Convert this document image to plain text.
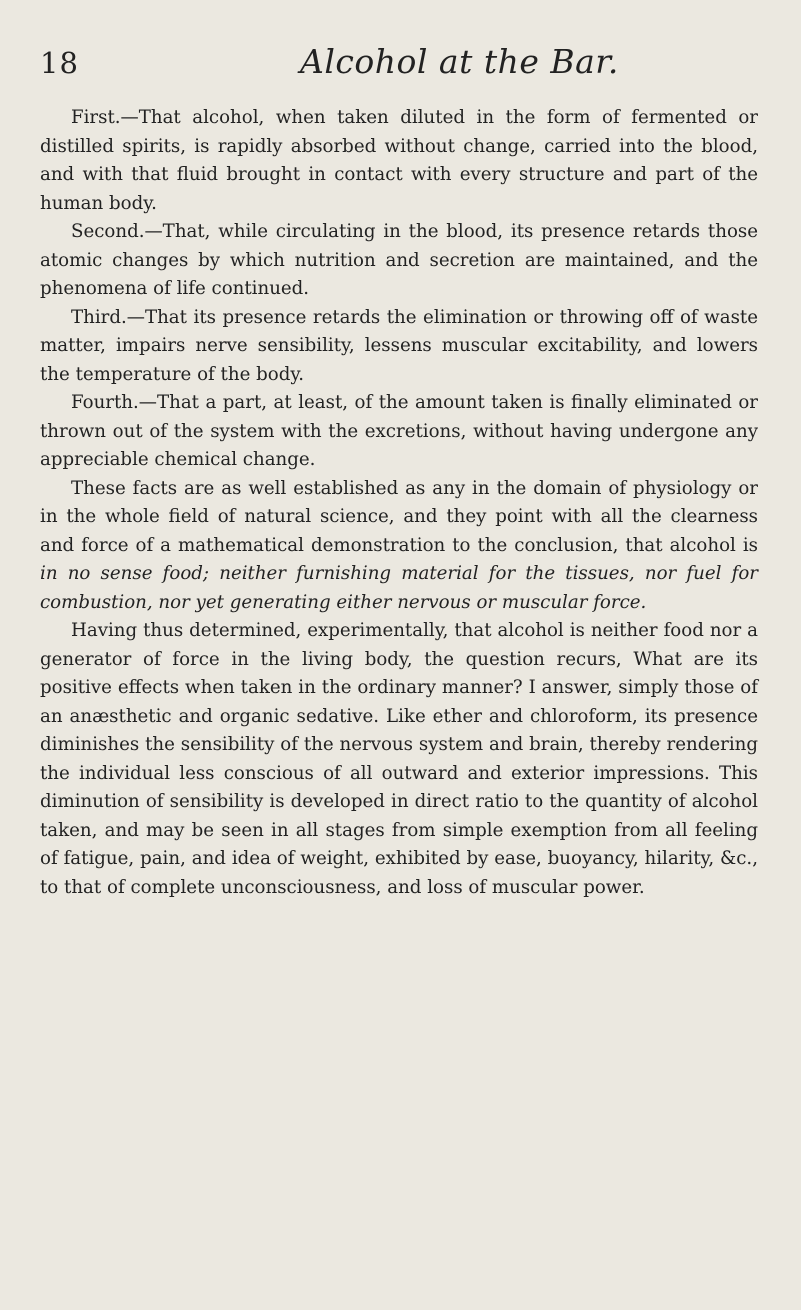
18	Alcohol at the Bar.

First.—That alcohol, when taken diluted in the form of fermented or distilled spirits, is rapidly absorbed without change, carried into the blood, and with that fluid brought in contact with every structure and part of the human body.

Second.—That, while circulating in the blood, its presence retards those atomic changes by which nutrition and secretion are maintained, and the phenomena of life continued.

Third.—That its presence retards the elimination or throwing off of waste matter, impairs nerve sensibility, lessens muscular excitability, and lowers the temperature of the body.

Fourth.—That a part, at least, of the amount taken is finally eliminated or thrown out of the system with the excretions, without having undergone any appreciable chemical change.

These facts are as well established as any in the domain of physiology or in the whole field of natural science, and they point with all the clearness and force of a mathematical demonstration to the conclusion, that alcohol is in no sense food; neither furnishing material for the tissues, nor fuel for combustion, nor yet generating either nervous or muscular force.

Having thus determined, experimentally, that alcohol is neither food nor a generator of force in the living body, the question recurs, What are its positive effects when taken in the ordinary manner? I answer, simply those of an anæsthetic and organic sedative. Like ether and chloroform, its presence diminishes the sensibility of the nervous system and brain, thereby rendering the individual less conscious of all outward and exterior impressions. This diminution of sensibility is developed in direct ratio to the quantity of alcohol taken, and may be seen in all stages from simple exemption from all feeling of fatigue, pain, and idea of weight, exhibited by ease, buoyancy, hilarity, &c., to that of complete unconsciousness, and loss of muscular power.
